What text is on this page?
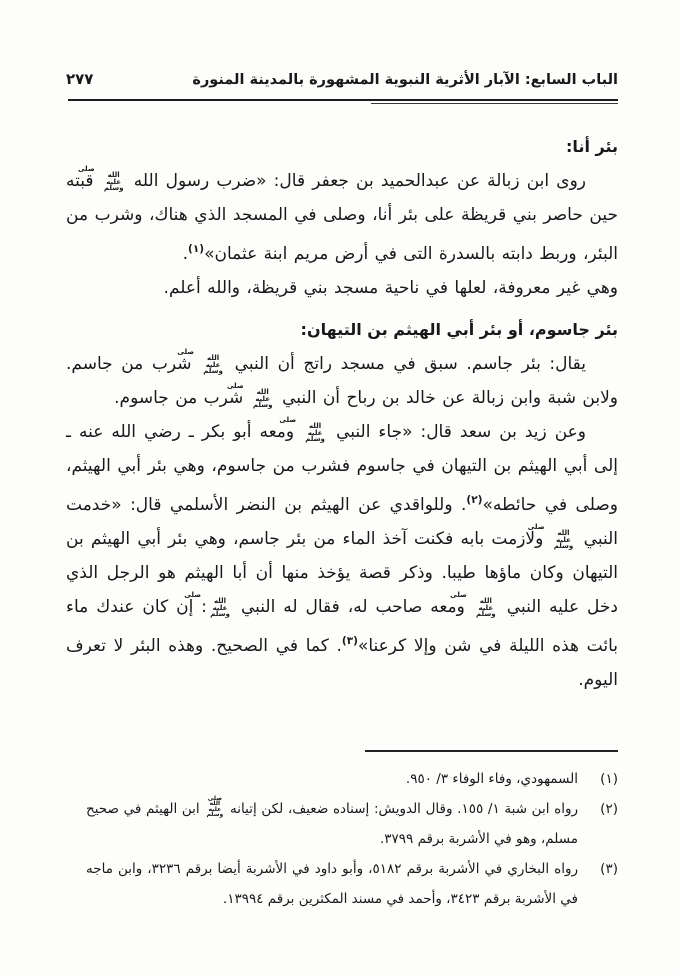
الباب السابع: الآبار الأثرية النبوية المشهورة بالمدينة المنورة
٢٧٧
بئر أنا:

روى ابن زبالة عن عبدالحميد بن جعفر قال: «ضرب رسول الله صلى الله عليه وسلم قبته حين حاصر بني قريظة على بئر أنا، وصلى في المسجد الذي هناك، وشرب من البئر، وربط دابته بالسدرة التى في أرض مريم ابنة عثمان»$^{(١)}$.

وهي غير معروفة، لعلها في ناحية مسجد بني قريظة، والله أعلم.

بئر جاسوم، أو بئر أبي الهيثم بن التيهان:

يقال: بئر جاسم. سبق في مسجد راتج أن النبي صلى الله عليه وسلم شرب من جاسم. ولابن شبة وابن زبالة عن خالد بن رباح أن النبي صلى الله عليه وسلم شرب من جاسوم.

وعن زيد بن سعد قال: «جاء النبي صلى الله عليه وسلم ومعه أبو بكر ـ رضي الله عنه ـ إلى أبي الهيثم بن التيهان في جاسوم فشرب من جاسوم، وهي بئر أبي الهيثم، وصلى في حائطه»$^{(٢)}$. وللواقدي عن الهيثم بن النضر الأسلمي قال: «خدمت النبي صلى الله عليه وسلم ولازمت بابه فكنت آخذ الماء من بئر جاسم، وهي بئر أبي الهيثم بن التيهان وكان ماؤها طيبا. وذكر قصة يؤخذ منها أن أبا الهيثم هو الرجل الذي دخل عليه النبي صلى الله عليه وسلم ومعه صاحب له، فقال له النبي صلى الله عليه وسلم: إن كان عندك ماء بائت هذه الليلة في شن وإلا كرعنا»$^{(٣)}$. كما في الصحيح. وهذه البئر لا تعرف اليوم.

(١)
السمهودي، وفاء الوفاء ٣/ ٩٥٠.
(٢)
رواه ابن شبة ١/ ١٥٥. وقال الدويش: إسناده ضعيف، لكن إتيانه صلى الله عليه وسلم ابن الهيثم في صحيح مسلم، وهو في الأشربة برقم ٣٧٩٩.
(٣)
رواه البخاري في الأشربة برقم ٥١٨٢، وأبو داود في الأشربة أيضا برقم ٣٢٣٦، وابن ماجه في الأشربة برقم ٣٤٢٣، وأحمد في مسند المكثرين برقم ١٣٩٩٤.
